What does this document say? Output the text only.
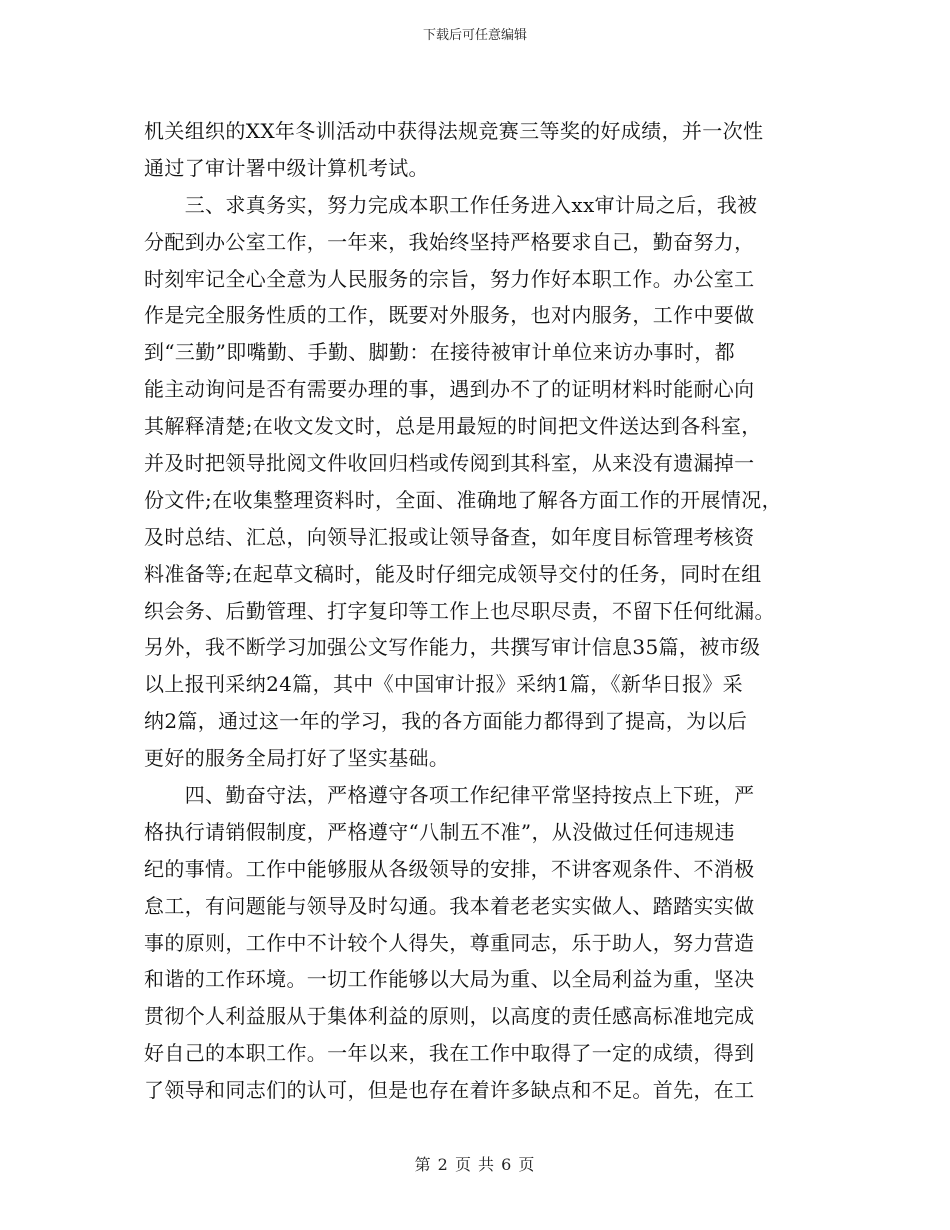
下载后可任意编辑
机关组织的XX年冬训活动中获得法规竞赛三等奖的好成绩，并一次性
通过了审计署中级计算机考试。
　　三、求真务实，努力完成本职工作任务进入xx审计局之后，我被
分配到办公室工作，一年来，我始终坚持严格要求自己，勤奋努力，
时刻牢记全心全意为人民服务的宗旨，努力作好本职工作。办公室工
作是完全服务性质的工作，既要对外服务，也对内服务，工作中要做
到“三勤”即嘴勤、手勤、脚勤：在接待被审计单位来访办事时，都
能主动询问是否有需要办理的事，遇到办不了的证明材料时能耐心向
其解释清楚;在收文发文时，总是用最短的时间把文件送达到各科室，
并及时把领导批阅文件收回归档或传阅到其科室，从来没有遗漏掉一
份文件;在收集整理资料时，全面、准确地了解各方面工作的开展情况，
及时总结、汇总，向领导汇报或让领导备查，如年度目标管理考核资
料准备等;在起草文稿时，能及时仔细完成领导交付的任务，同时在组
织会务、后勤管理、打字复印等工作上也尽职尽责，不留下任何纰漏。
另外，我不断学习加强公文写作能力，共撰写审计信息35篇，被市级
以上报刊采纳24篇，其中《中国审计报》采纳1篇，《新华日报》采
纳2篇，通过这一年的学习，我的各方面能力都得到了提高，为以后
更好的服务全局打好了坚实基础。
　　四、勤奋守法，严格遵守各项工作纪律平常坚持按点上下班，严
格执行请销假制度，严格遵守“八制五不准”，从没做过任何违规违
纪的事情。工作中能够服从各级领导的安排，不讲客观条件、不消极
怠工，有问题能与领导及时勾通。我本着老老实实做人、踏踏实实做
事的原则，工作中不计较个人得失，尊重同志，乐于助人，努力营造
和谐的工作环境。一切工作能够以大局为重、以全局利益为重，坚决
贯彻个人利益服从于集体利益的原则，以高度的责任感高标准地完成
好自己的本职工作。一年以来，我在工作中取得了一定的成绩，得到
了领导和同志们的认可，但是也存在着许多缺点和不足。首先，在工
第 2 页 共 6 页
